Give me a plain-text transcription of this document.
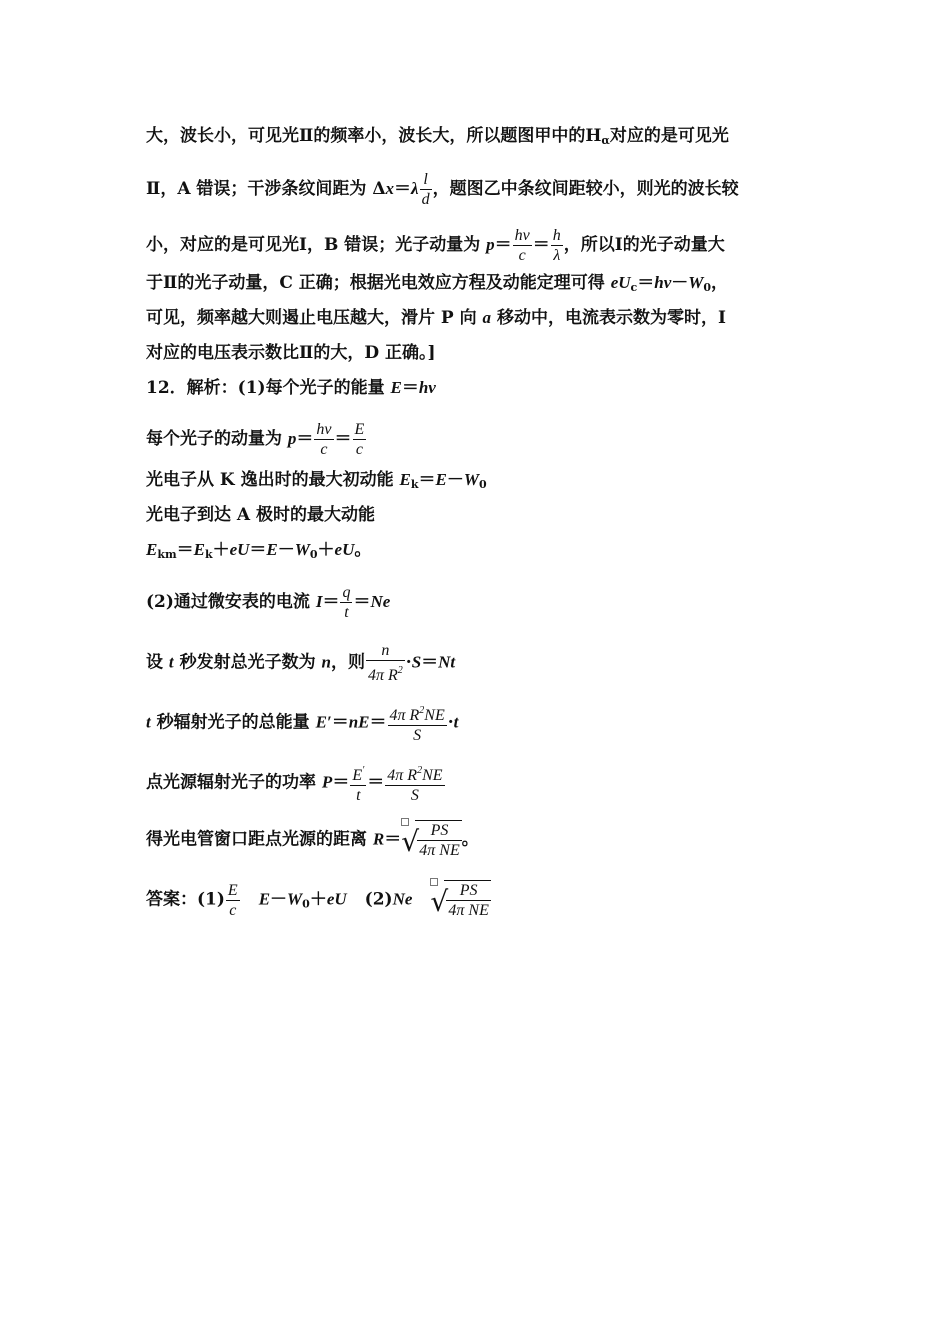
大，波长小，可见光Ⅱ的频率小，波长大，所以题图甲中的$H_\alpha$对应的是可见光
Ⅱ，A 错误；干涉条纹间距为 $\Delta x=\lambda \frac{l}{d}$ ，题图乙中条纹间距较小，则光的波长较
小，对应的是可见光Ⅰ，B 错误；光子动量为 $p= \frac{h\nu}{c} = \frac{h}{\lambda}$ ，所以Ⅰ的光子动量大
于Ⅱ的光子动量，C 正确；根据光电效应方程及动能定理可得 $eU_c=h\nu-W_0$，
可见，频率越大则遏止电压越大，滑片 P 向 a 移动中，电流表示数为零时，Ⅰ
对应的电压表示数比Ⅱ的大，D 正确。]
12．解析：(1)每个光子的能量 E＝hν
每个光子的动量为 $p= \frac{h\nu}{c} = \frac{E}{c}$
光电子从 K 逸出时的最大初动能 $E_k=E-W_0$
光电子到达 A 极时的最大动能
$E_{km}=E_k+eU=E-W_0+eU$。
(2)通过微安表的电流 $I= \frac{q}{t} =Ne$
设 t 秒发射总光子数为 n，则 $\frac{n}{4\pi R^2} \cdot S=Nt$
t 秒辐射光子的总能量 $E'=nE= \frac{4\pi R^2NE}{S} \cdot t$
点光源辐射光子的功率 $P= \frac{E'}{t} = \frac{4\pi R^2NE}{S}$
得光电管窗口距点光源的距离 R＝ √
$\frac{PS}{\text{4π NE}}$ 。
答案：$(1) \frac{E}{c} E-W_0+eU$ (2)Ne √
$\frac{PS}{\text{4π NE}}$
